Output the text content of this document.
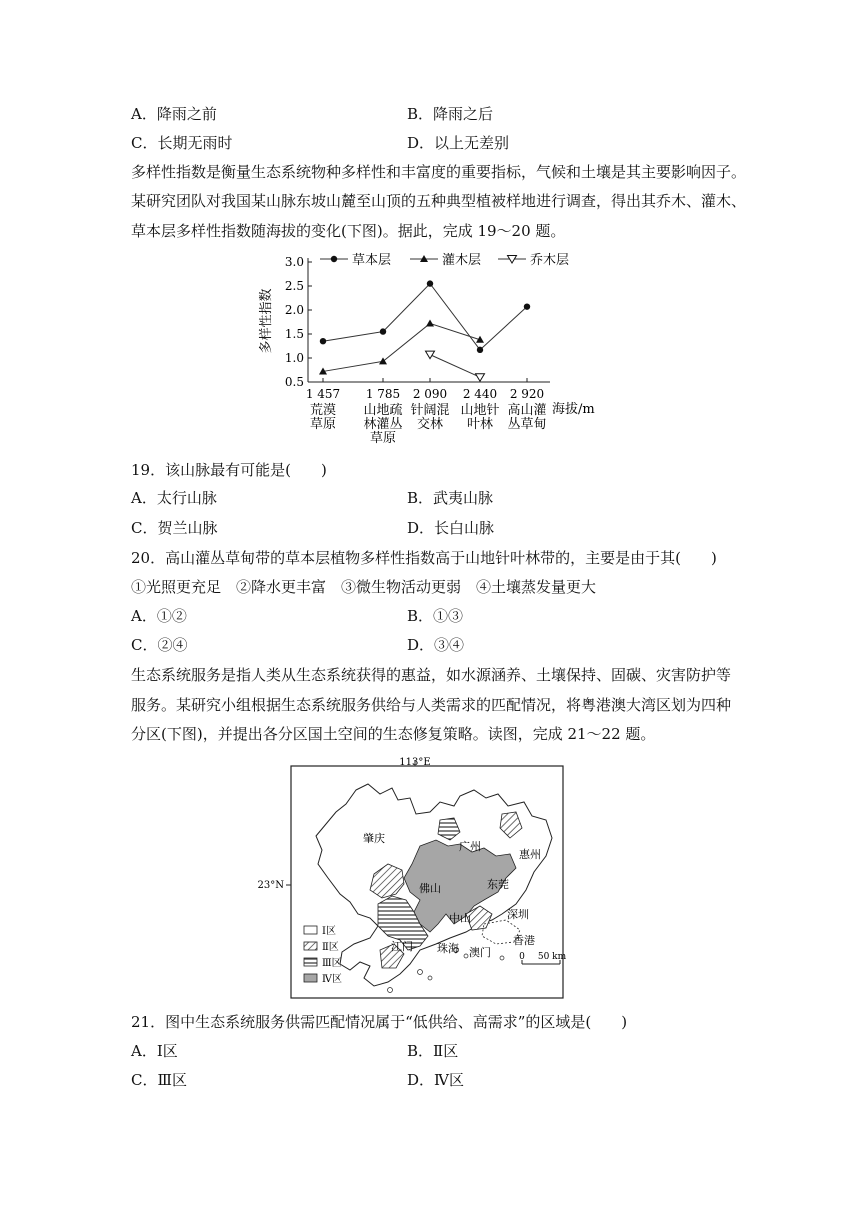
A．降雨之前	B．降雨之后
C．长期无雨时	D．以上无差别
多样性指数是衡量生态系统物种多样性和丰富度的重要指标，气候和土壤是其主要影响因子。
某研究团队对我国某山脉东坡山麓至山顶的五种典型植被样地进行调查，得出其乔木、灌木、
草本层多样性指数随海拔的变化(下图)。据此，完成 19～20 题。
0.5
1.0
1.5
2.0
2.5
3.0
多样性指数
1 457
荒漠
草原
1 785
山地疏
林灌丛
草原
2 090
针阔混
交林
2 440
山地针
叶林
2 920
高山灌
丛草甸
海拔/m
草本层	灌木层	乔木层
19．该山脉最有可能是(　　)
A．太行山脉	B．武夷山脉
C．贺兰山脉	D．长白山脉
20．高山灌丛草甸带的草本层植物多样性指数高于山地针叶林带的，主要是由于其(　　)
①光照更充足　②降水更丰富　③微生物活动更弱　④土壤蒸发量更大
A．①②	B．①③
C．②④	D．③④
生态系统服务是指人类从生态系统获得的惠益，如水源涵养、土壤保持、固碳、灾害防护等
服务。某研究小组根据生态系统服务供给与人类需求的匹配情况，将粤港澳大湾区划为四种
分区(下图)，并提出各分区国土空间的生态修复策略。读图，完成 21～22 题。
113°E
23°N
肇庆
广州
惠州
佛山	东莞
中山	深圳
江门 珠海 澳门
香港
Ⅰ区
Ⅱ区
Ⅲ区
Ⅳ区
0 50 km
21．图中生态系统服务供需匹配情况属于“低供给、高需求”的区域是(　　)
A．Ⅰ区	B．Ⅱ区
C．Ⅲ区	D．Ⅳ区
